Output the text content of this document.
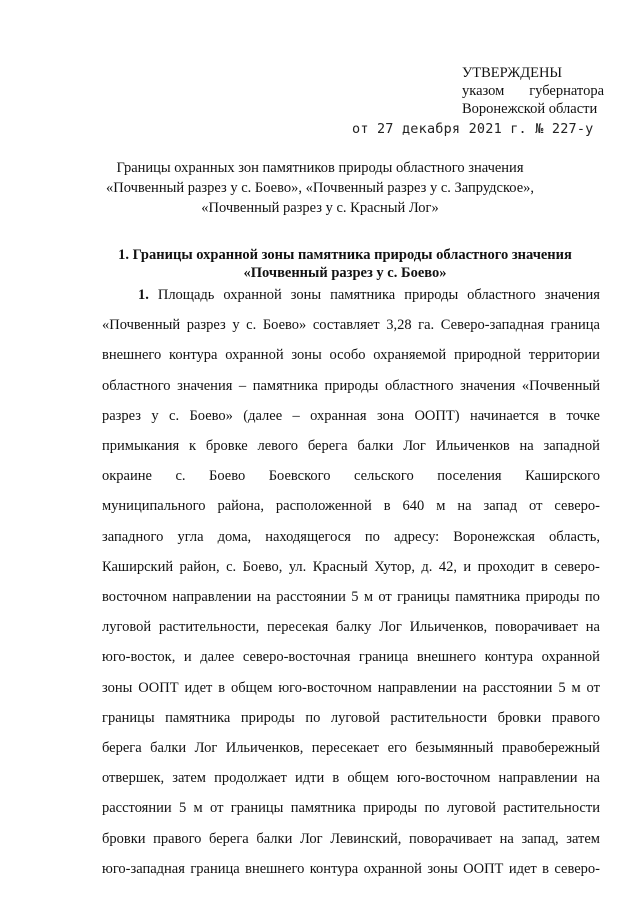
УТВЕРЖДЕНЫ
указом губернатора
Воронежской области
от 27 декабря 2021 г. № 227-у
Границы охранных зон памятников природы областного значения
«Почвенный разрез у с. Боево», «Почвенный разрез у с. Запрудское»,
«Почвенный разрез у с. Красный Лог»
1. Границы охранной зоны памятника природы областного значения
«Почвенный разрез у с. Боево»
1. Площадь охранной зоны памятника природы областного значения
«Почвенный разрез у с. Боево» составляет 3,28 га. Северо-западная граница
внешнего контура охранной зоны особо охраняемой природной территории
областного значения – памятника природы областного значения «Почвенный
разрез у с. Боево» (далее – охранная зона ООПТ) начинается в точке
примыкания к бровке левого берега балки Лог Ильиченков на западной
окраине с. Боево Боевского сельского поселения Каширского
муниципального района, расположенной в 640 м на запад от северо-
западного угла дома, находящегося по адресу: Воронежская область,
Каширский район, с. Боево, ул. Красный Хутор, д. 42, и проходит в северо-
восточном направлении на расстоянии 5 м от границы памятника природы по
луговой растительности, пересекая балку Лог Ильиченков, поворачивает на
юго-восток, и далее северо-восточная граница внешнего контура охранной
зоны ООПТ идет в общем юго-восточном направлении на расстоянии 5 м от
границы памятника природы по луговой растительности бровки правого
берега балки Лог Ильиченков, пересекает его безымянный правобережный
отвершек, затем продолжает идти в общем юго-восточном направлении на
расстоянии 5 м от границы памятника природы по луговой растительности
бровки правого берега балки Лог Левинский, поворачивает на запад, затем
юго-западная граница внешнего контура охранной зоны ООПТ идет в северо-
